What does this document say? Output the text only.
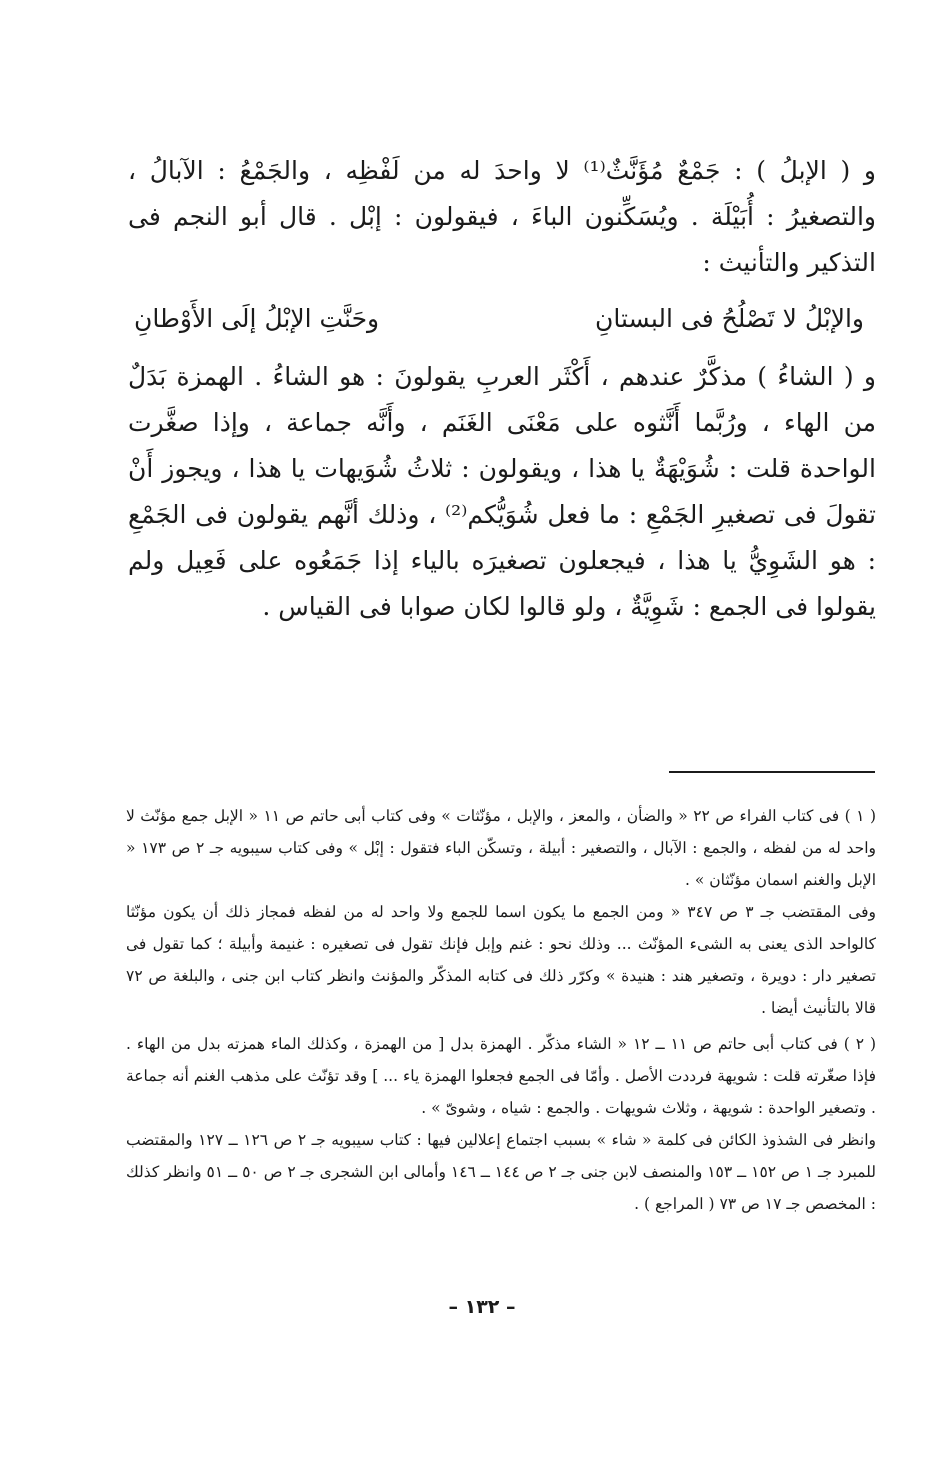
و ( الإبلُ ) : جَمْعٌ مُؤَنَّثٌ⁽¹⁾ لا واحدَ له من لَفْظِه ، والجَمْعُ : الآبالُ ، والتصغيرُ : أُبَيْلَة . ويُسَكِّنون الباءَ ، فيقولون : إبْل . قال أبو النجم فى التذكير والتأنيث :

والإبْلُ لا تَصْلُحُ فى البستانِ
وحَنَّتِ الإبْلُ إلَى الأَوْطانِ

و ( الشاءُ ) مذكَّرٌ عندهم ، أَكْثَر العربِ يقولونَ : هو الشاءُ . الهمزة بَدَلٌ من الهاء ، ورُبَّما أَنَّثوه على مَعْنَى الغَنَم ، وأَنَّه جماعة ، وإذا صغَّرت الواحدة قلت : شُوَيْهَةٌ يا هذا ، ويقولون : ثلاثُ شُوَيهات يا هذا ، ويجوز أَنْ تقولَ فى تصغيرِ الجَمْعِ : ما فعل شُوَيُّكم⁽²⁾ ، وذلك أنَّهم يقولون فى الجَمْعِ : هو الشَوِيُّ يا هذا ، فيجعلون تصغيرَه بالياء إذا جَمَعُوه على فَعِيل ولم يقولوا فى الجمع : شَوِيَّةٌ ، ولو قالوا لكان صوابا فى القياس .

( ١ ) فى كتاب الفراء ص ٢٢ « والضأن ، والمعز ، والإبل ، مؤنّثات » وفى كتاب أبى حاتم ص ١١ « الإبل جمع مؤنّث لا واحد له من لفظه ، والجمع : الآبال ، والتصغير : أبيلة ، وتسكّن الباء فتقول : إبْل » وفى كتاب سيبويه جـ ٢ ص ١٧٣ « الإبل والغنم اسمان مؤنّثان » .

وفى المقتضب جـ ٣ ص ٣٤٧ « ومن الجمع ما يكون اسما للجمع ولا واحد له من لفظه فمجاز ذلك أن يكون مؤنّثا كالواحد الذى يعنى به الشىء المؤنّث ... وذلك نحو : غنم وإبل فإنك تقول فى تصغيره : غنيمة وأبيلة ؛ كما تقول فى تصغير دار : دويرة ، وتصغير هند : هنيدة » وكرّر ذلك فى كتابه المذكّر والمؤنث وانظر كتاب ابن جنى ، والبلغة ص ٧٢ قالا بالتأنيث أيضا .

( ٢ ) فى كتاب أبى حاتم ص ١١ ــ ١٢ « الشاء مذكّر . الهمزة بدل [ من الهمزة ، وكذلك الماء همزته بدل من الهاء . فإذا صغّرته قلت : شويهة فرددت الأصل . وأمّا فى الجمع فجعلوا الهمزة ياء ... ] وقد تؤنّث على مذهب الغنم أنه جماعة . وتصغير الواحدة : شويهة ، وثلاث شويهات . والجمع : شياه ، وشوىّ » .

وانظر فى الشذوذ الكائن فى كلمة « شاء » بسبب اجتماع إعلالين فيها : كتاب سيبويه جـ ٢ ص ١٢٦ ــ ١٢٧ والمقتضب للمبرد جـ ١ ص ١٥٢ ــ ١٥٣ والمنصف لابن جنى جـ ٢ ص ١٤٤ ــ ١٤٦ وأمالى ابن الشجرى جـ ٢ ص ٥٠ ــ ٥١ وانظر كذلك : المخصص جـ ١٧ ص ٧٣ ( المراجع ) .

– ١٣٢ –
